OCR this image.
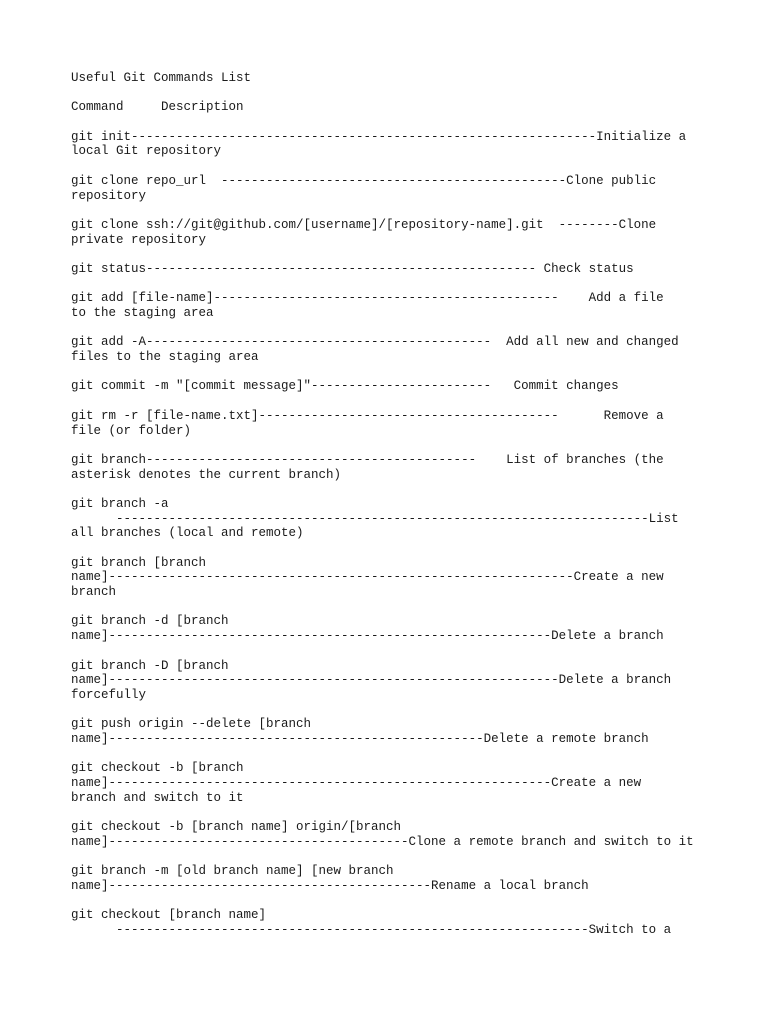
Useful Git Commands List
Command     Description
git init--------------------------------------------------------------Initialize a
local Git repository
git clone repo_url  ----------------------------------------------Clone public
repository
git clone ssh://git@github.com/[username]/[repository-name].git  --------Clone
private repository
git status---------------------------------------------------- Check status
git add [file-name]----------------------------------------------    Add a file
to the staging area
git add -A----------------------------------------------  Add all new and changed
files to the staging area
git commit -m "[commit message]"------------------------   Commit changes
git rm -r [file-name.txt]----------------------------------------      Remove a
file (or folder)
git branch--------------------------------------------    List of branches (the
asterisk denotes the current branch)
git branch -a
-----------------------------------------------------------------------List
all branches (local and remote)
git branch [branch
name]--------------------------------------------------------------Create a new
branch
git branch -d [branch
name]-----------------------------------------------------------Delete a branch
git branch -D [branch
name]------------------------------------------------------------Delete a branch
forcefully
git push origin --delete [branch
name]--------------------------------------------------Delete a remote branch
git checkout -b [branch
name]-----------------------------------------------------------Create a new
branch and switch to it
git checkout -b [branch name] origin/[branch
name]----------------------------------------Clone a remote branch and switch to it
git branch -m [old branch name] [new branch
name]-------------------------------------------Rename a local branch
git checkout [branch name]
---------------------------------------------------------------Switch to a
